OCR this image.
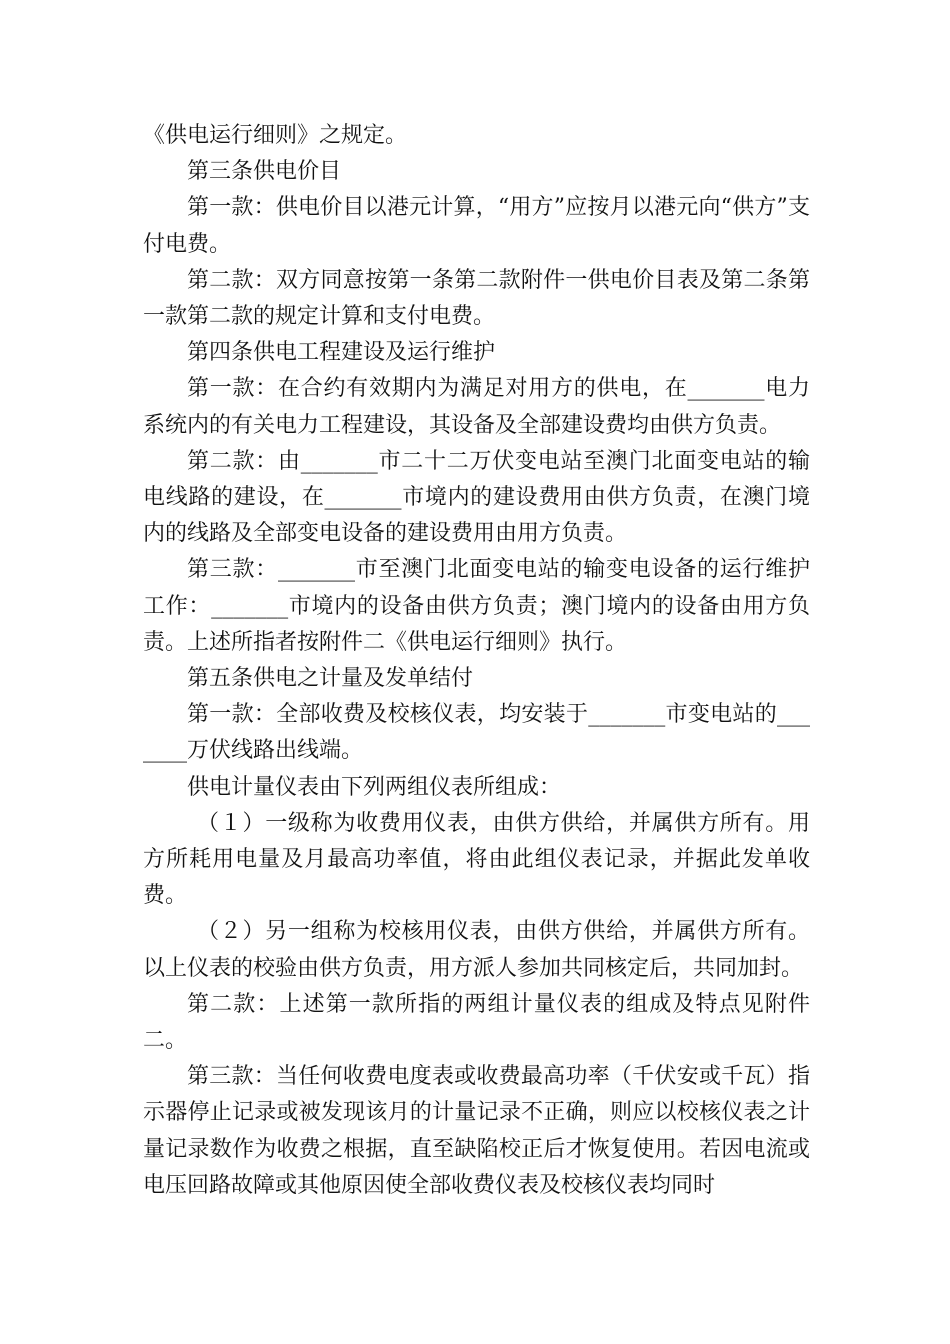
《供电运行细则》之规定。

第三条供电价目

第一款：供电价目以港元计算，“用方”应按月以港元向“供方”支付电费。

第二款：双方同意按第一条第二款附件一供电价目表及第二条第一款第二款的规定计算和支付电费。

第四条供电工程建设及运行维护

第一款：在合约有效期内为满足对用方的供电，在_______电力系统内的有关电力工程建设，其设备及全部建设费均由供方负责。

第二款：由_______市二十二万伏变电站至澳门北面变电站的输电线路的建设，在_______市境内的建设费用由供方负责，在澳门境内的线路及全部变电设备的建设费用由用方负责。

第三款：_______市至澳门北面变电站的输变电设备的运行维护工作：_______市境内的设备由供方负责；澳门境内的设备由用方负责。上述所指者按附件二《供电运行细则》执行。

第五条供电之计量及发单结付

第一款：全部收费及校核仪表，均安装于_______市变电站的_______万伏线路出线端。

供电计量仪表由下列两组仪表所组成：

（１）一级称为收费用仪表，由供方供给，并属供方所有。用方所耗用电量及月最高功率值，将由此组仪表记录，并据此发单收费。

（２）另一组称为校核用仪表，由供方供给，并属供方所有。以上仪表的校验由供方负责，用方派人参加共同核定后，共同加封。

第二款：上述第一款所指的两组计量仪表的组成及特点见附件二。

第三款：当任何收费电度表或收费最高功率（千伏安或千瓦）指示器停止记录或被发现该月的计量记录不正确，则应以校核仪表之计量记录数作为收费之根据，直至缺陷校正后才恢复使用。若因电流或电压回路故障或其他原因使全部收费仪表及校核仪表均同时
